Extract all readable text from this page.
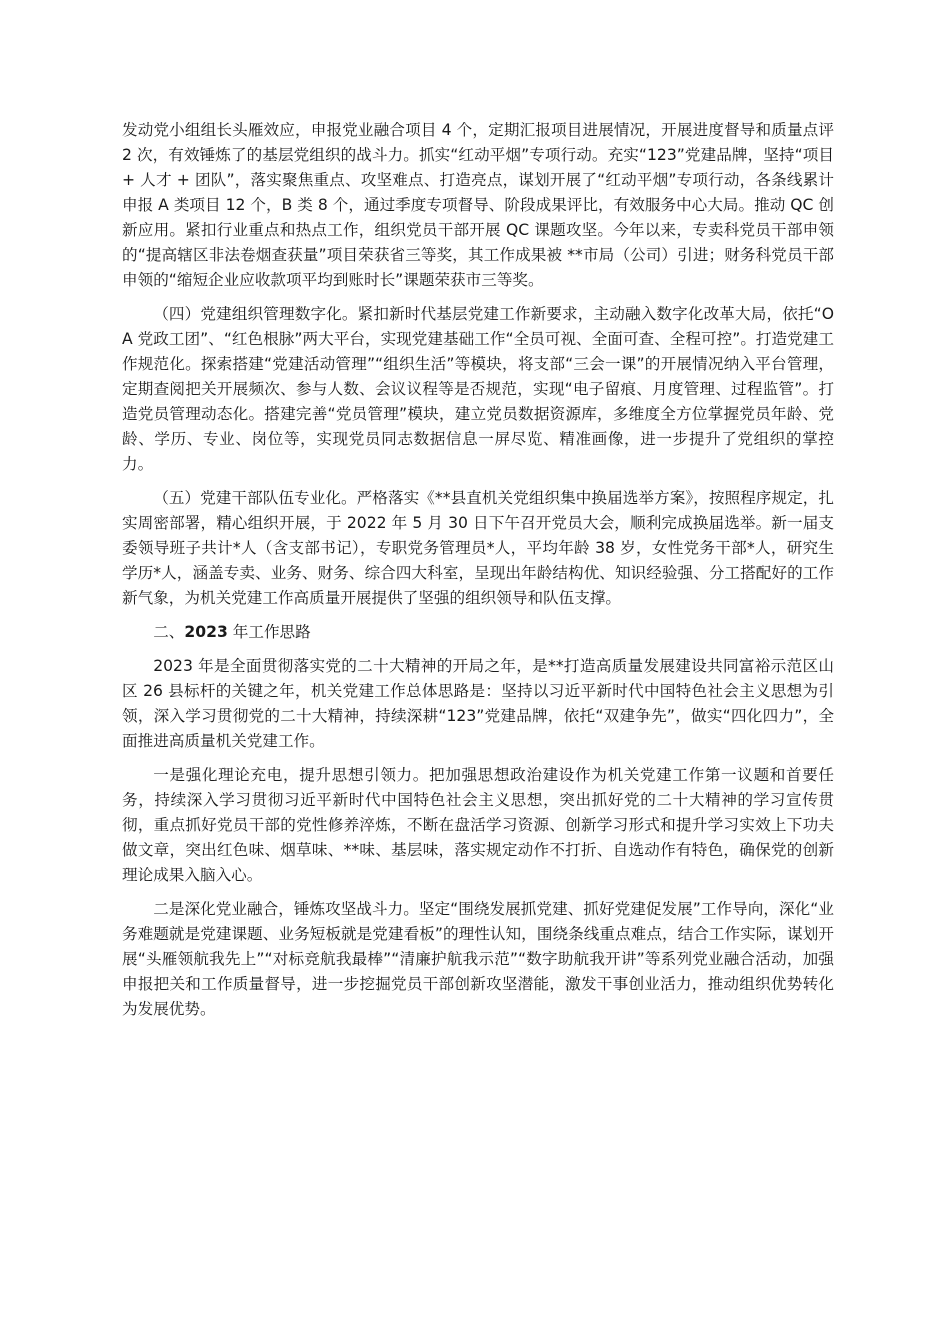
发动党小组组长头雁效应，申报党业融合项目 4 个，定期汇报项目进展情况，开展进度督导和质量点评 2 次，有效锤炼了的基层党组织的战斗力。抓实“红动平烟”专项行动。充实“123”党建品牌，坚持“项目 + 人才 + 团队”，落实聚焦重点、攻坚难点、打造亮点，谋划开展了“红动平烟”专项行动，各条线累计申报 A 类项目 12 个，B 类 8 个，通过季度专项督导、阶段成果评比，有效服务中心大局。推动 QC 创新应用。紧扣行业重点和热点工作，组织党员干部开展 QC 课题攻坚。今年以来，专卖科党员干部申领的“提高辖区非法卷烟查获量”项目荣获省三等奖，其工作成果被 **市局（公司）引进；财务科党员干部申领的“缩短企业应收款项平均到账时长”课题荣获市三等奖。

（四）党建组织管理数字化。紧扣新时代基层党建工作新要求，主动融入数字化改革大局，依托“OA 党政工团”、“红色根脉”两大平台，实现党建基础工作“全员可视、全面可查、全程可控”。打造党建工作规范化。探索搭建“党建活动管理”“组织生活”等模块，将支部“三会一课”的开展情况纳入平台管理，定期查阅把关开展频次、参与人数、会议议程等是否规范，实现“电子留痕、月度管理、过程监管”。打造党员管理动态化。搭建完善“党员管理”模块，建立党员数据资源库，多维度全方位掌握党员年龄、党龄、学历、专业、岗位等，实现党员同志数据信息一屏尽览、精准画像，进一步提升了党组织的掌控力。

（五）党建干部队伍专业化。严格落实《**县直机关党组织集中换届选举方案》，按照程序规定，扎实周密部署，精心组织开展，于 2022 年 5 月 30 日下午召开党员大会，顺利完成换届选举。新一届支委领导班子共计*人（含支部书记），专职党务管理员*人，平均年龄 38 岁，女性党务干部*人，研究生学历*人，涵盖专卖、业务、财务、综合四大科室，呈现出年龄结构优、知识经验强、分工搭配好的工作新气象，为机关党建工作高质量开展提供了坚强的组织领导和队伍支撑。

二、2023 年工作思路

2023 年是全面贯彻落实党的二十大精神的开局之年，是**打造高质量发展建设共同富裕示范区山区 26 县标杆的关键之年，机关党建工作总体思路是：坚持以习近平新时代中国特色社会主义思想为引领，深入学习贯彻党的二十大精神，持续深耕“123”党建品牌，依托“双建争先”，做实“四化四力”，全面推进高质量机关党建工作。

一是强化理论充电，提升思想引领力。把加强思想政治建设作为机关党建工作第一议题和首要任务，持续深入学习贯彻习近平新时代中国特色社会主义思想，突出抓好党的二十大精神的学习宣传贯彻，重点抓好党员干部的党性修养淬炼，不断在盘活学习资源、创新学习形式和提升学习实效上下功夫做文章，突出红色味、烟草味、**味、基层味，落实规定动作不打折、自选动作有特色，确保党的创新理论成果入脑入心。

二是深化党业融合，锤炼攻坚战斗力。坚定“围绕发展抓党建、抓好党建促发展”工作导向，深化“业务难题就是党建课题、业务短板就是党建看板”的理性认知，围绕条线重点难点，结合工作实际，谋划开展“头雁领航我先上”“对标竞航我最棒”“清廉护航我示范”“数字助航我开讲”等系列党业融合活动，加强申报把关和工作质量督导，进一步挖掘党员干部创新攻坚潜能，激发干事创业活力，推动组织优势转化为发展优势。
